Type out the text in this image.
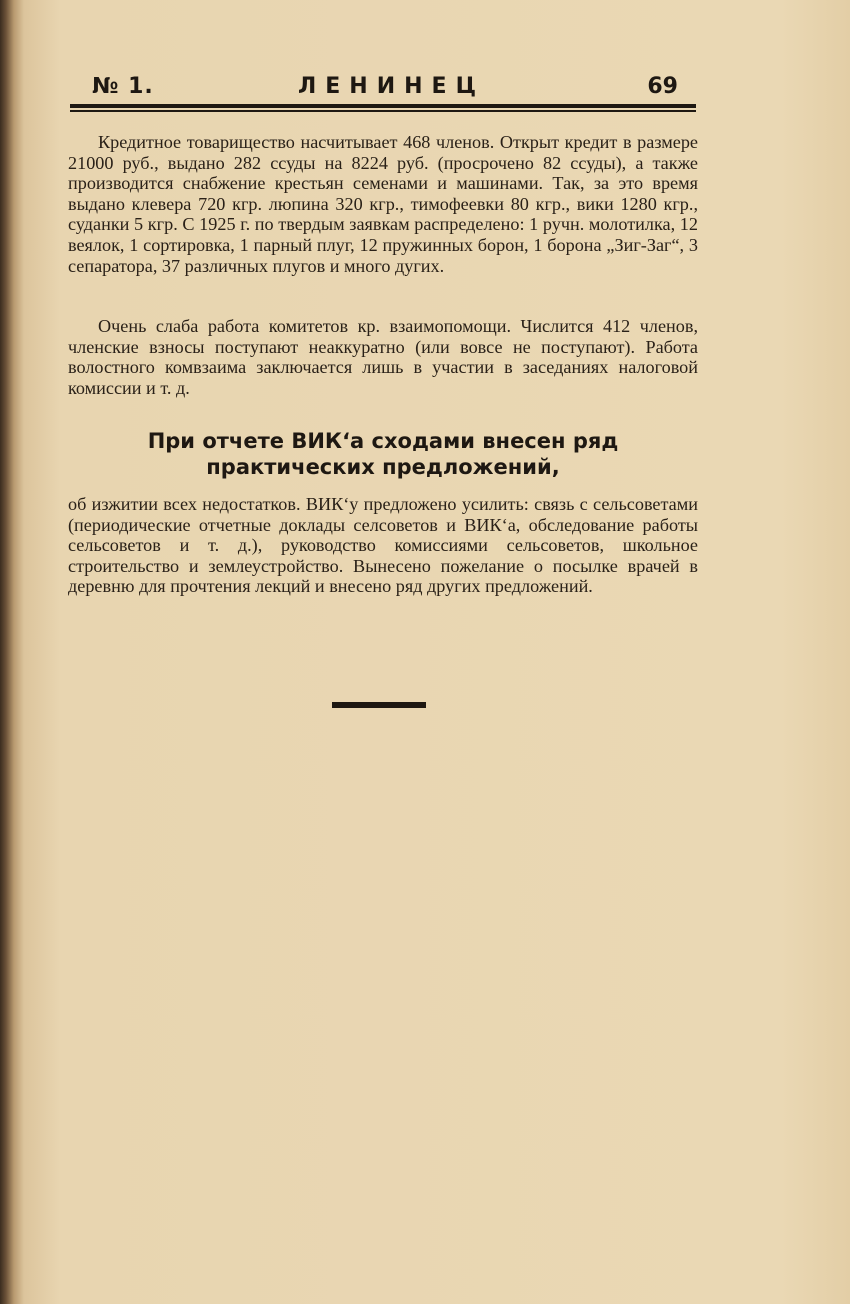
№ 1.	ЛЕНИНЕЦ	69
Кредитное товарищество насчитывает 468 членов. Открыт кредит в размере 21000 руб., выдано 282 ссуды на 8224 руб. (просрочено 82 ссуды), а также производится снабжение крестьян семенами и машинами. Так, за это время выдано клевера 720 кгр. люпина 320 кгр., тимофеевки 80 кгр., вики 1280 кгр., суданки 5 кгр. С 1925 г. по твердым заявкам распределено: 1 ручн. молотилка, 12 веялок, 1 сортировка, 1 парный плуг, 12 пружинных борон, 1 борона „Зиг-Заг“, 3 сепаратора, 37 различных плугов и много дугих.
Очень слаба работа комитетов кр. взаимопомощи. Числится 412 членов, членские взносы поступают неаккуратно (или вовсе не поступают). Работа волостного комвзаима заключается лишь в участии в заседаниях налоговой комиссии и т. д.
При отчете ВИК‘а сходами внесен ряд практических предложений,
об изжитии всех недостатков. ВИК‘у предложено усилить: связь с сельсоветами (периодические отчетные доклады селсоветов и ВИК‘а, обследование работы сельсоветов и т. д.), руководство комиссиями сельсоветов, школьное строительство и землеустройство. Вынесено пожелание о посылке врачей в деревню для прочтения лекций и внесено ряд других предложений.
